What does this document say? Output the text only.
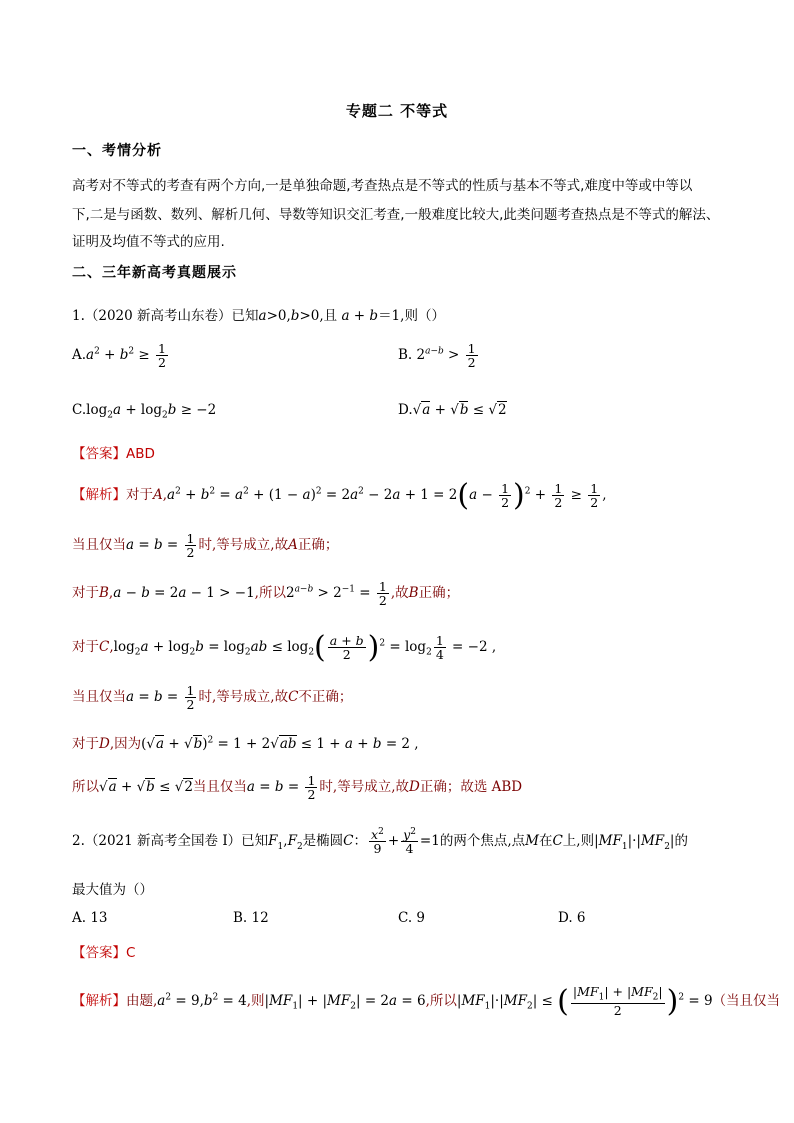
专题二 不等式
一、考情分析
高考对不等式的考查有两个方向,一是单独命题,考查热点是不等式的性质与基本不等式,难度中等或中等以
下,二是与函数、数列、解析几何、导数等知识交汇考查,一般难度比较大,此类问题考查热点是不等式的解法、
证明及均值不等式的应用.
二、三年新高考真题展示
1.（2020 新高考山东卷）已知a>0,b>0,且 a + b＝1,则（）
$A.a^2 + b^2 \ge \frac{1}{2}$	B. $2^{a-b} > \frac{1}{2}$
$C.\log_2a + \log_2b \ge -2$	D.√a + √b ≤ √2
【答案】ABD
【解析】对于$A,a^2 + b^2 = a^2 + (1 - a)^2 = 2a^2 - 2a + 1 = 2(a - \frac{1}{2} )^2 + \frac{1}{2} \ge \frac{1}{2}$ ,
当且仅当$a = b = \frac{1}{2}$ 时,等号成立,故A正确；
对于B,a − b = 2a − 1 > −1,所以$2^{a-b} > 2^{-1} = \frac{1}{2}$ ,故B正确；
对于$C,\log_2a + \log_2b = \log_2ab \le \log_2( \frac{a + b}{2} )^2 = \log_2 \frac{1}{4} = -2$ ,
当且仅当$a = b = \frac{1}{2}$ 时,等号成立,故C不正确；
对于D,因为$(√a + √b)^2 = 1 + 2√ab \le 1 + a + b = 2$ ,
所以√a + √b ≤ √2当且仅当$a = b = \frac{1}{2}$ 时,等号成立,故D正确；故选 ABD
2.（2021 新高考全国卷 I）已知$F_1,F_2$是椭圆C： $\frac{x^2}{9} + \frac{y^2}{4} =1$的两个焦点,点M在C上,则$|MF_1|\cdot|MF_2|$的
最大值为（）
A. 13	B. 12	C. 9	D. 6
【答案】C
【解析】由题$,a^2 = 9,b^2 = 4$,则$|MF_1| + |MF_2| = 2a = 6$,所以$|MF_1|\cdot|MF_2|$ ≤ ( $\frac{|MF_1| + |MF_2|}{2} )^2 = 9$（当且仅当
